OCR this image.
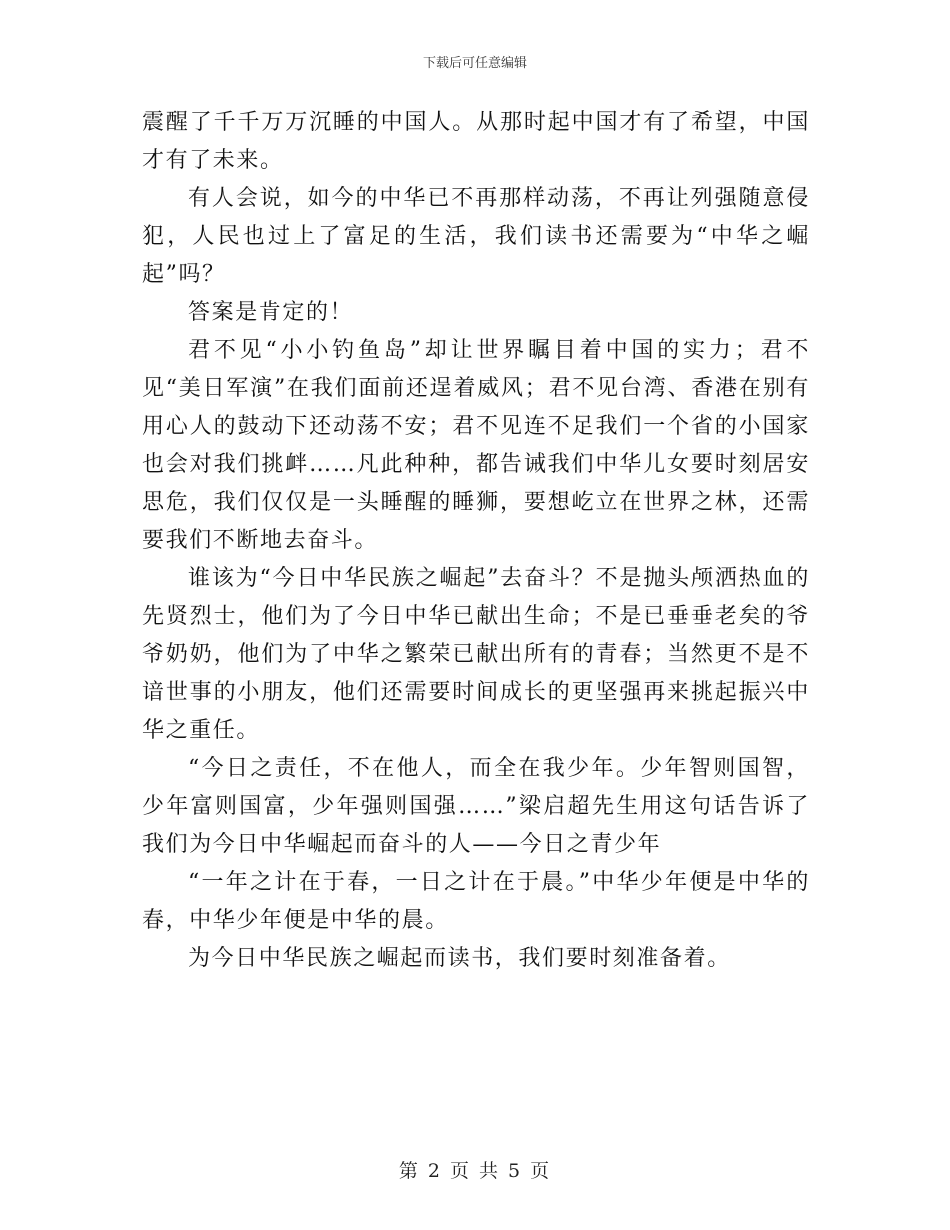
下载后可任意编辑

震醒了千千万万沉睡的中国人。从那时起中国才有了希望，中国才有了未来。

有人会说，如今的中华已不再那样动荡，不再让列强随意侵犯，人民也过上了富足的生活，我们读书还需要为“中华之崛起”吗？

答案是肯定的！

君不见“小小钓鱼岛”却让世界瞩目着中国的实力；君不见“美日军演”在我们面前还逞着威风；君不见台湾、香港在别有用心人的鼓动下还动荡不安；君不见连不足我们一个省的小国家也会对我们挑衅……凡此种种，都告诫我们中华儿女要时刻居安思危，我们仅仅是一头睡醒的睡狮，要想屹立在世界之林，还需要我们不断地去奋斗。

谁该为“今日中华民族之崛起”去奋斗？不是抛头颅洒热血的先贤烈士，他们为了今日中华已献出生命；不是已垂垂老矣的爷爷奶奶，他们为了中华之繁荣已献出所有的青春；当然更不是不谙世事的小朋友，他们还需要时间成长的更坚强再来挑起振兴中华之重任。

“今日之责任，不在他人，而全在我少年。少年智则国智，少年富则国富，少年强则国强……”梁启超先生用这句话告诉了我们为今日中华崛起而奋斗的人——今日之青少年

“一年之计在于春，一日之计在于晨。”中华少年便是中华的春，中华少年便是中华的晨。

为今日中华民族之崛起而读书，我们要时刻准备着。

第 2 页 共 5 页
